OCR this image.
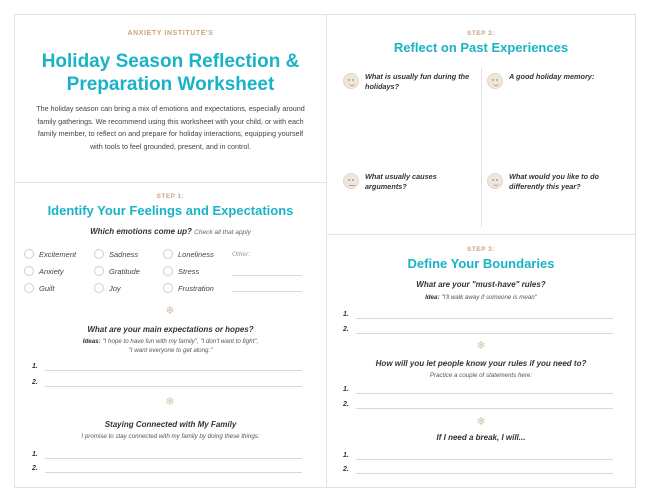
ANXIETY INSTITUTE'S
Holiday Season Reflection &
Preparation Worksheet
The holiday season can bring a mix of emotions and expectations, especially around family gatherings. We recommend using this worksheet with your child, or with each family member, to reflect on and prepare for holiday interactions, equipping yourself with tools to feel grounded, present, and in control.
STEP 1:
Identify Your Feelings and Expectations
Which emotions come up? Check all that apply
Excitement	Sadness	Loneliness	Other:
Anxiety	Gratitude	Stress
Guilt	Joy	Frustration
❄
What are your main expectations or hopes?
Ideas: "I hope to have fun with my family", "I don't want to fight",
"I want everyone to get along."
1.
2.
❄
Staying Connected with My Family
I promise to stay connected with my family by doing these things:
1.
2.
STEP 2:
Reflect on Past Experiences
What is usually fun during the holidays?
A good holiday memory:
What usually causes arguments?
What would you like to do differently this year?
STEP 3:
Define Your Boundaries
What are your "must-have" rules?
Idea: "I'll walk away if someone is mean"
1.
2.
❄
How will you let people know your rules if you need to?
Practice a couple of statements here:
1.
2.
❄
If I need a break, I will...
1.
2.
